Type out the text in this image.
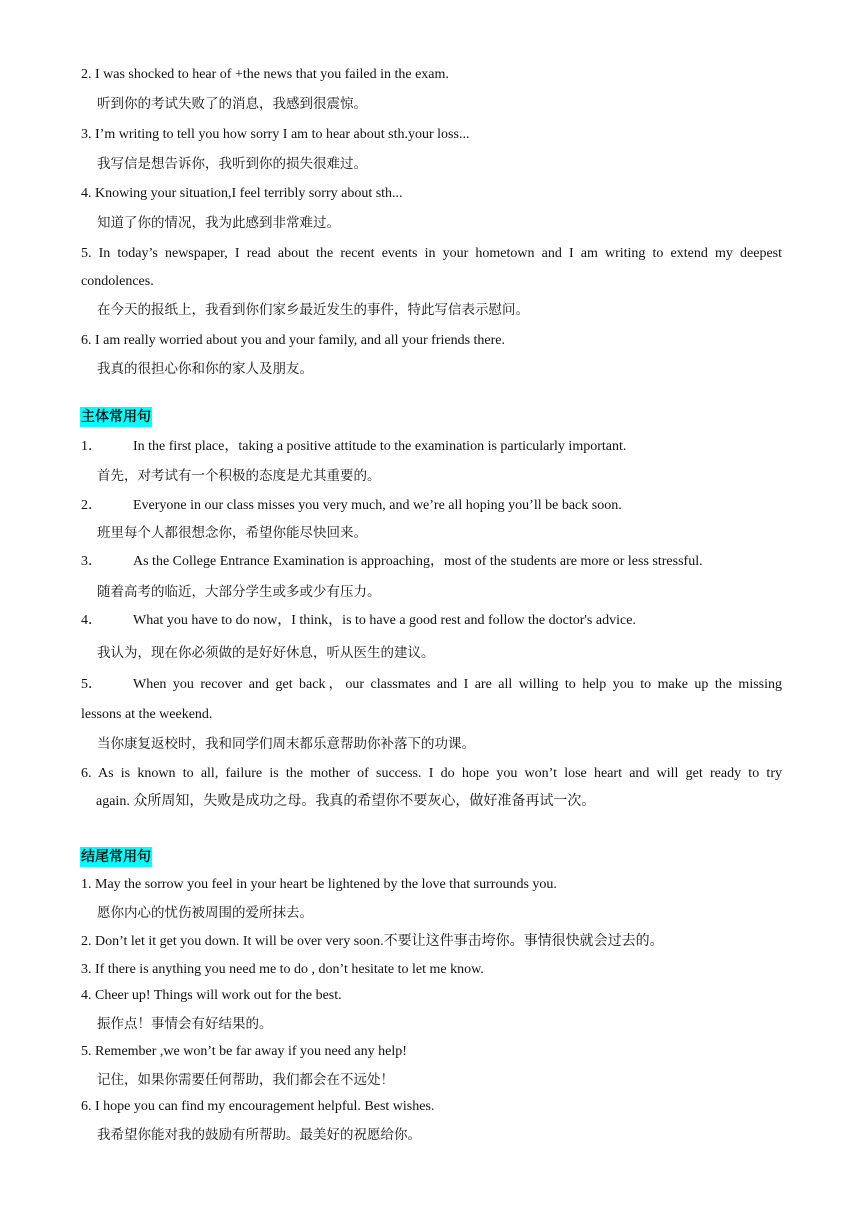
2. I was shocked to hear of +the news that you failed in the exam.
听到你的考试失败了的消息，我感到很震惊。
3. I’m writing to tell you how sorry I am to hear about sth.your loss...
我写信是想告诉你，我听到你的损失很难过。
4. Knowing your situation,I feel terribly sorry about sth...
知道了你的情况，我为此感到非常难过。
5. In today’s newspaper, I read about the recent events in your hometown and I am writing to extend my deepest
condolences.
在今天的报纸上，我看到你们家乡最近发生的事件，特此写信表示慰问。
6. I am really worried about you and your family, and all your friends there.
我真的很担心你和你的家人及朋友。
主体常用句
1． In the first place，taking a positive attitude to the examination is particularly important.
首先，对考试有一个积极的态度是尤其重要的。
2． Everyone in our class misses you very much, and we’re all hoping you’ll be back soon.
班里每个人都很想念你，希望你能尽快回来。
3． As the College Entrance Examination is approaching，most of the students are more or less stressful.
随着高考的临近，大部分学生或多或少有压力。
4． What you have to do now，I think，is to have a good rest and follow the doctor's advice.
我认为，现在你必须做的是好好休息，听从医生的建议。
5． When you recover and get back，our classmates and I are all willing to help you to make up the missing
lessons at the weekend.
当你康复返校时，我和同学们周末都乐意帮助你补落下的功课。
6. As is known to all, failure is the mother of success. I do hope you won’t lose heart and will get ready to try
again. 众所周知，失败是成功之母。我真的希望你不要灰心，做好准备再试一次。
结尾常用句
1. May the sorrow you feel in your heart be lightened by the love that surrounds you.
愿你内心的忧伤被周围的爱所抹去。
2. Don’t let it get you down. It will be over very soon.不要让这件事击垮你。事情很快就会过去的。
3. If there is anything you need me to do , don’t hesitate to let me know.
4. Cheer up! Things will work out for the best.
振作点！事情会有好结果的。
5. Remember ,we won’t be far away if you need any help!
记住，如果你需要任何帮助，我们都会在不远处！
6. I hope you can find my encouragement helpful. Best wishes.
我希望你能对我的鼓励有所帮助。最美好的祝愿给你。
